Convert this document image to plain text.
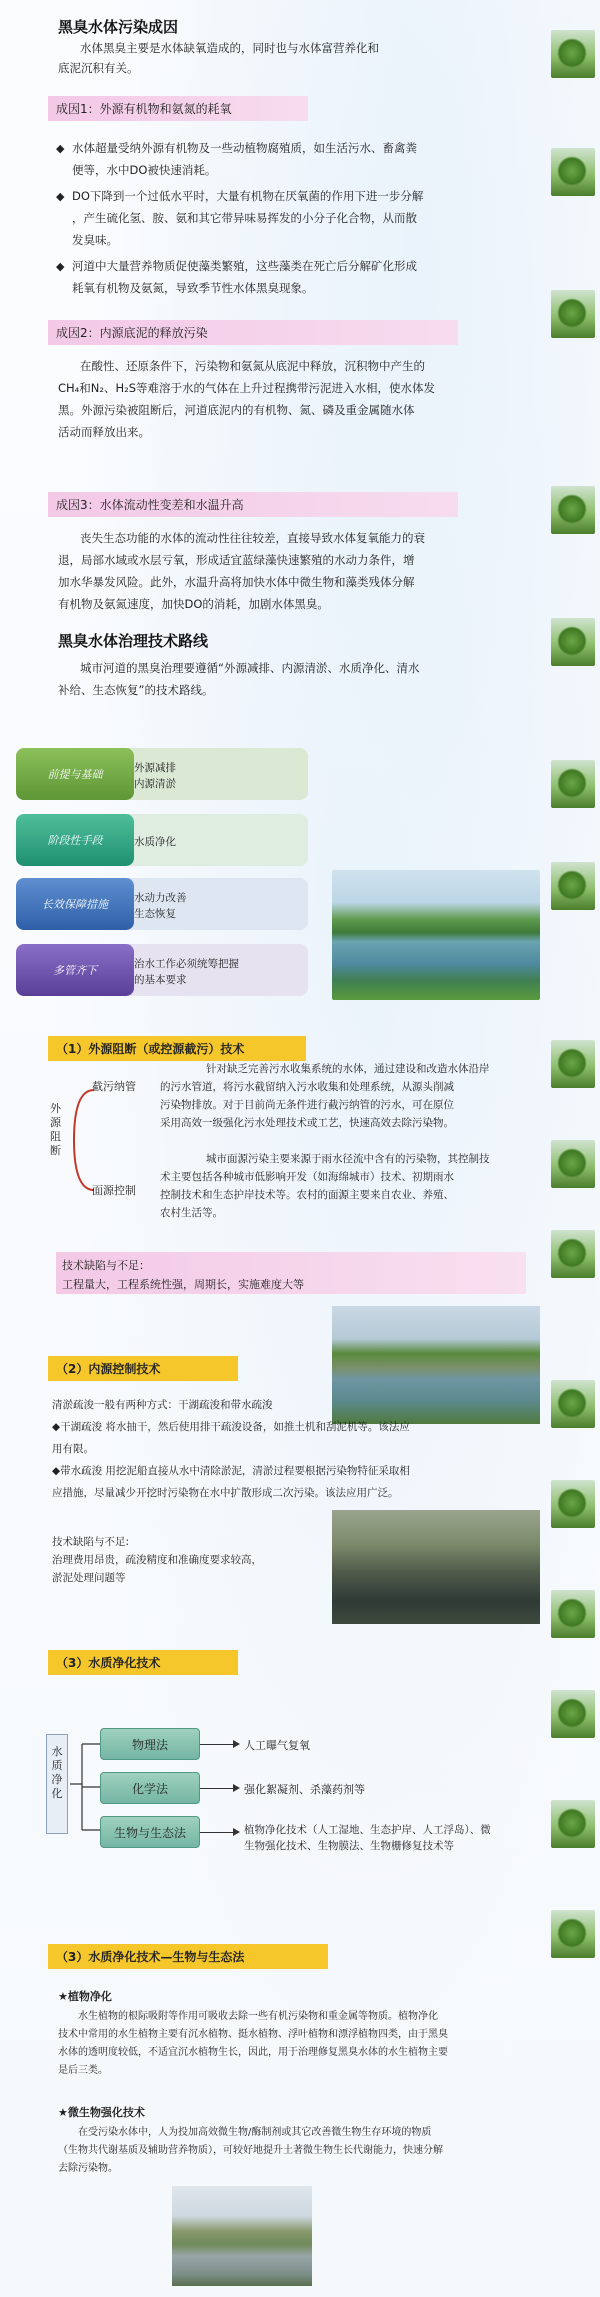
黑臭水体污染成因
水体黑臭主要是水体缺氧造成的，同时也与水体富营养化和
底泥沉积有关。
成因1：外源有机物和氨氮的耗氧
◆ 水体超量受纳外源有机物及一些动植物腐殖质，如生活污水、畜禽粪
便等，水中DO被快速消耗。
◆ DO下降到一个过低水平时，大量有机物在厌氧菌的作用下进一步分解
，产生硫化氢、胺、氨和其它带异味易挥发的小分子化合物，从而散
发臭味。
◆ 河道中大量营养物质促使藻类繁殖，这些藻类在死亡后分解矿化形成
耗氧有机物及氨氮，导致季节性水体黑臭现象。
成因2：内源底泥的释放污染
在酸性、还原条件下，污染物和氨氮从底泥中释放，沉积物中产生的
CH₄和N₂、H₂S等难溶于水的气体在上升过程携带污泥进入水相，使水体发
黑。外源污染被阻断后，河道底泥内的有机物、氮、磷及重金属随水体
活动而释放出来。
成因3：水体流动性变差和水温升高
丧失生态功能的水体的流动性往往较差，直接导致水体复氧能力的衰
退，局部水域或水层亏氧，形成适宜蓝绿藻快速繁殖的水动力条件，增
加水华暴发风险。此外，水温升高将加快水体中微生物和藻类残体分解
有机物及氨氮速度，加快DO的消耗，加剧水体黑臭。
黑臭水体治理技术路线
城市河道的黑臭治理要遵循“外源减排、内源清淤、水质净化、清水
补给、生态恢复”的技术路线。
外源减排
内源清淤
前提与基础
水质净化
阶段性手段
水动力改善
生态恢复
长效保障措施
治水工作必须统筹把握
的基本要求
多管齐下
（1）外源阻断（或控源截污）技术
外源阻断
截污纳管
面源控制
针对缺乏完善污水收集系统的水体，通过建设和改造水体沿岸
的污水管道，将污水截留纳入污水收集和处理系统，从源头削减
污染物排放。对于目前尚无条件进行截污纳管的污水，可在原位
采用高效一级强化污水处理技术或工艺，快速高效去除污染物。
城市面源污染主要来源于雨水径流中含有的污染物，其控制技
术主要包括各种城市低影响开发（如海绵城市）技术、初期雨水
控制技术和生态护岸技术等。农村的面源主要来自农业、养殖、
农村生活等。
技术缺陷与不足：
工程量大，工程系统性强，周期长，实施难度大等
（2）内源控制技术
清淤疏浚一般有两种方式：干湖疏浚和带水疏浚
◆干湖疏浚 将水抽干，然后使用排干疏浚设备，如推土机和刮泥机等。该法应
用有限。
◆带水疏浚 用挖泥船直接从水中清除淤泥，清淤过程要根据污染物特征采取相
应措施，尽量减少开挖时污染物在水中扩散形成二次污染。该法应用广泛。
技术缺陷与不足:
治理费用昂贵，疏浚精度和准确度要求较高，
淤泥处理问题等
（3）水质净化技术
水质净化
物理法
化学法
生物与生态法
人工曝气复氧
强化絮凝剂、杀藻药剂等
植物净化技术（人工湿地、生态护岸、人工浮岛）、微
生物强化技术、生物膜法、生物栅修复技术等
（3）水质净化技术—生物与生态法
★植物净化
水生植物的根际吸附等作用可吸收去除一些有机污染物和重金属等物质。植物净化
技术中常用的水生植物主要有沉水植物、挺水植物、浮叶植物和漂浮植物四类，由于黑臭
水体的透明度较低，不适宜沉水植物生长，因此，用于治理修复黑臭水体的水生植物主要
是后三类。
★微生物强化技术
在受污染水体中，人为投加高效微生物/酶制剂或其它改善微生物生存环境的物质
（生物共代谢基质及辅助营养物质），可较好地提升土著微生物生长代谢能力，快速分解
去除污染物。
